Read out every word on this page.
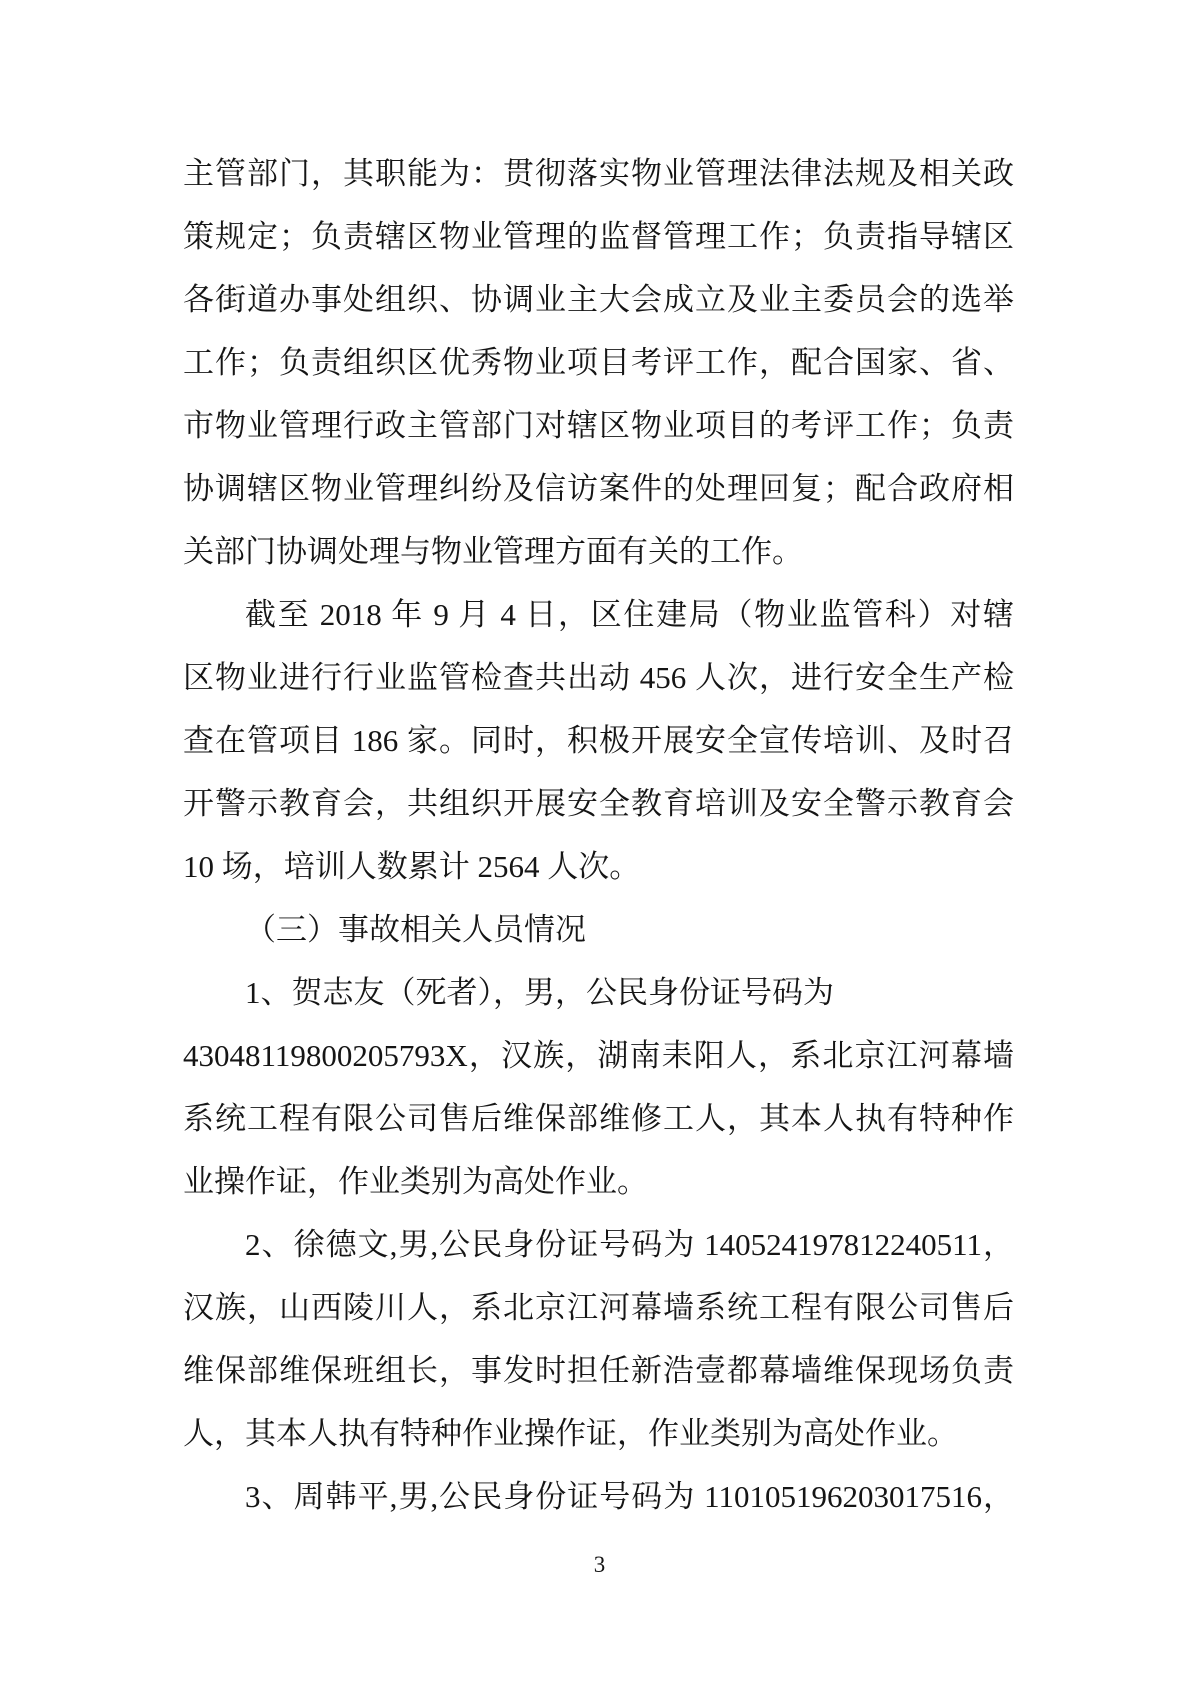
主管部门，其职能为：贯彻落实物业管理法律法规及相关政
策规定；负责辖区物业管理的监督管理工作；负责指导辖区
各街道办事处组织、协调业主大会成立及业主委员会的选举
工作；负责组织区优秀物业项目考评工作，配合国家、省、
市物业管理行政主管部门对辖区物业项目的考评工作；负责
协调辖区物业管理纠纷及信访案件的处理回复；配合政府相
关部门协调处理与物业管理方面有关的工作。
截至 2018 年 9 月 4 日，区住建局（物业监管科）对辖
区物业进行行业监管检查共出动 456 人次，进行安全生产检
查在管项目 186 家。同时，积极开展安全宣传培训、及时召
开警示教育会，共组织开展安全教育培训及安全警示教育会
10 场，培训人数累计 2564 人次。
（三）事故相关人员情况
1、贺志友（死者），男，公民身份证号码为
43048119800205793X，汉族，湖南耒阳人，系北京江河幕墙
系统工程有限公司售后维保部维修工人，其本人执有特种作
业操作证，作业类别为高处作业。
2、徐德文,男,公民身份证号码为 140524197812240511，
汉族，山西陵川人，系北京江河幕墙系统工程有限公司售后
维保部维保班组长，事发时担任新浩壹都幕墙维保现场负责
人，其本人执有特种作业操作证，作业类别为高处作业。
3、周韩平,男,公民身份证号码为 110105196203017516，
3
